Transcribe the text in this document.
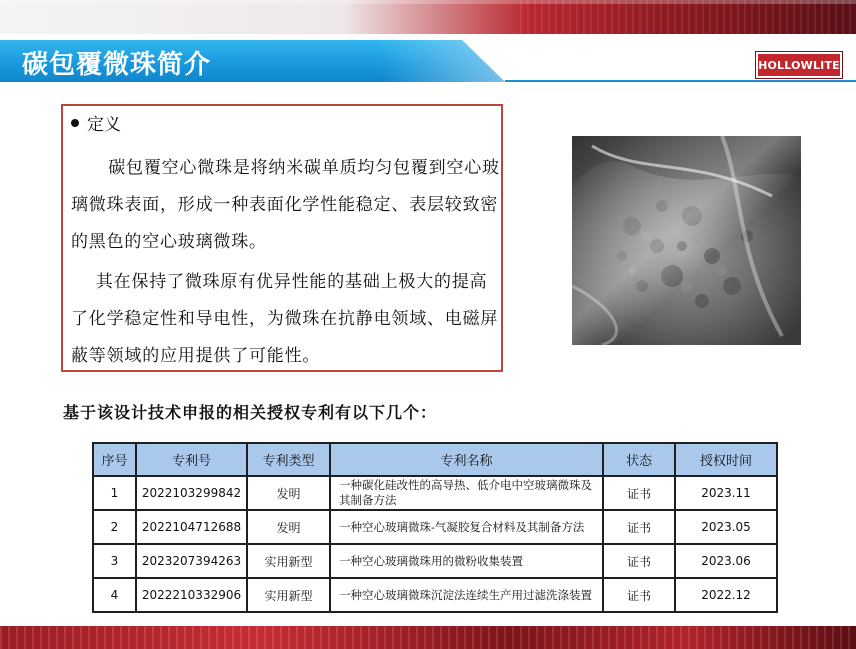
碳包覆微珠简介	HOLLOWLITE
定义

碳包覆空心微珠是将纳米碳单质均匀包覆到空心玻璃微珠表面，形成一种表面化学性能稳定、表层较致密的黑色的空心玻璃微珠。

其在保持了微珠原有优异性能的基础上极大的提高了化学稳定性和导电性，为微珠在抗静电领域、电磁屏蔽等领域的应用提供了可能性。

基于该设计技术申报的相关授权专利有以下几个：
序号	专利号	专利类型	专利名称	状态	授权时间
1	2022103299842	发明	一种碳化硅改性的高导热、低介电中空玻璃微珠及其制备方法	证书	2023.11
2	2022104712688	发明	一种空心玻璃微珠-气凝胶复合材料及其制备方法	证书	2023.05
3	2023207394263	实用新型	一种空心玻璃微珠用的微粉收集装置	证书	2023.06
4	2022210332906	实用新型	一种空心玻璃微珠沉淀法连续生产用过滤洗涤装置	证书	2022.12
